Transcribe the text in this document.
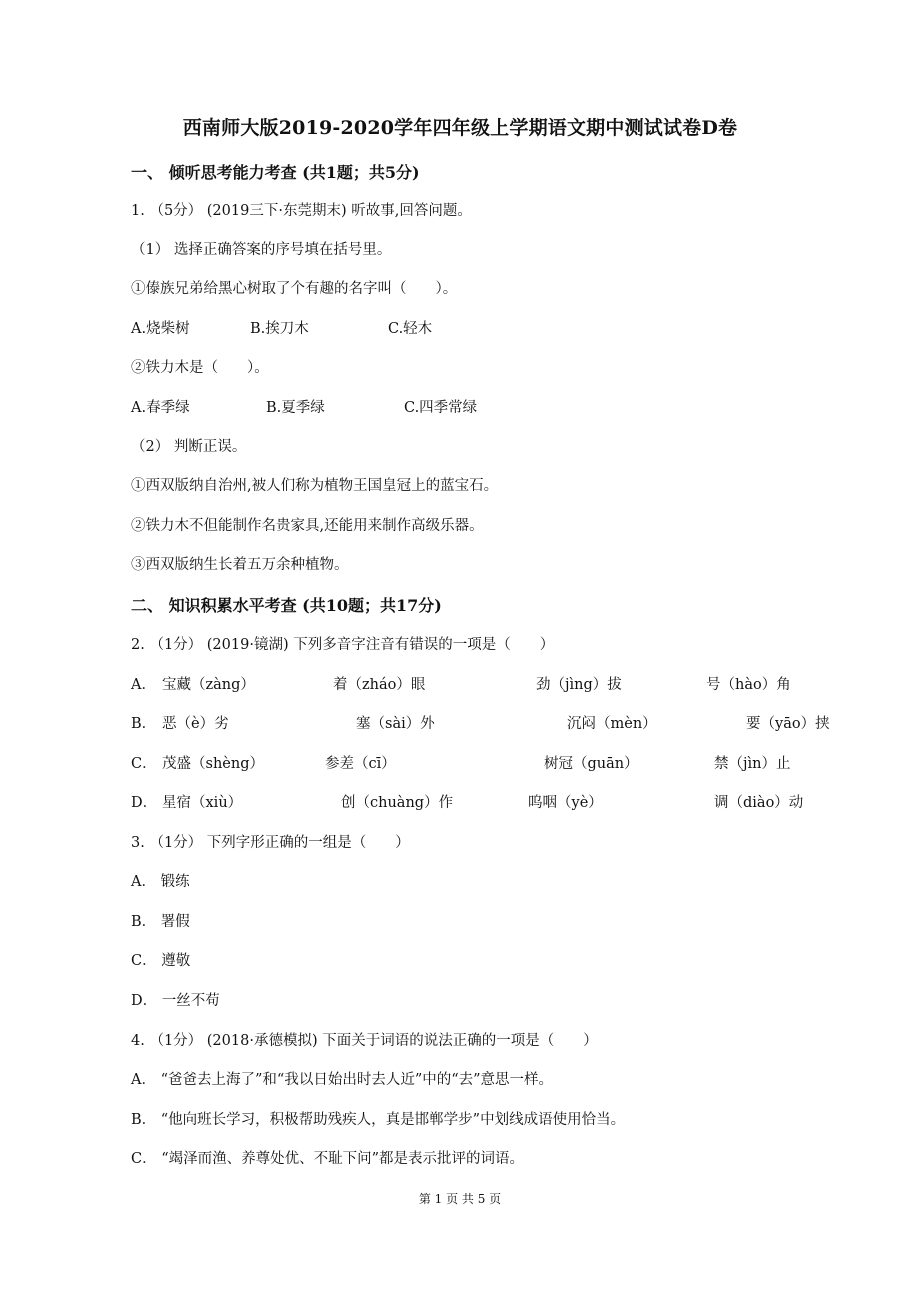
西南师大版2019-2020学年四年级上学期语文期中测试试卷D卷
一、 倾听思考能力考查 (共1题；共5分)
1. （5分） (2019三下·东莞期末) 听故事,回答问题。
（1） 选择正确答案的序号填在括号里。
①傣族兄弟给黑心树取了个有趣的名字叫（　　）。
A.烧柴树	B.挨刀木	C.轻木
②铁力木是（　　）。
A.春季绿	B.夏季绿	C.四季常绿
（2） 判断正误。
①西双版纳自治州,被人们称为植物王国皇冠上的蓝宝石。
②铁力木不但能制作名贵家具,还能用来制作高级乐器。
③西双版纳生长着五万余种植物。
二、 知识积累水平考查 (共10题；共17分)
2. （1分） (2019·镜湖) 下列多音字注音有错误的一项是（　　）
A． 宝藏（zàng）	着（zháo）眼	劲（jìng）拔	号（hào）角
B． 恶（è）劣	塞（sài）外	沉闷（mèn）	要（yāo）挟
C． 茂盛（shèng）	参差（cī）	树冠（guān）	禁（jìn）止
D． 星宿（xiù）	创（chuàng）作	呜咽（yè）	调（diào）动
3. （1分） 下列字形正确的一组是（　　）
A． 锻练
B． 署假
C． 遵敬
D． 一丝不苟
4. （1分） (2018·承德模拟) 下面关于词语的说法正确的一项是（　　）
A． “爸爸去上海了”和“我以日始出时去人近”中的“去”意思一样。
B． “他向班长学习，积极帮助残疾人，真是邯郸学步”中划线成语使用恰当。
C． “竭泽而渔、养尊处优、不耻下问”都是表示批评的词语。
第 1 页 共 5 页
